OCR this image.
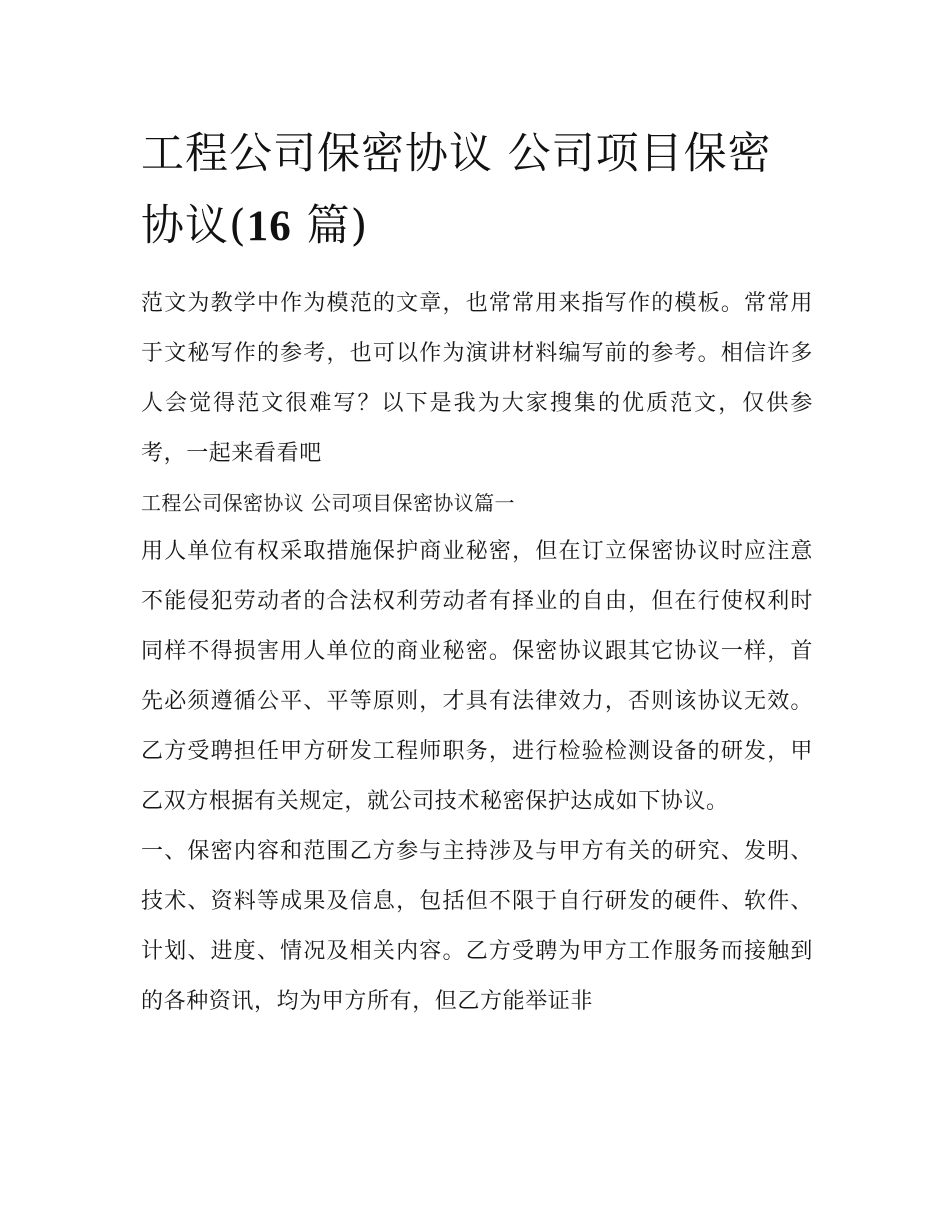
工程公司保密协议 公司项目保密协议(16 篇)

范文为教学中作为模范的文章，也常常用来指写作的模板。常常用于文秘写作的参考，也可以作为演讲材料编写前的参考。相信许多人会觉得范文很难写？以下是我为大家搜集的优质范文，仅供参考，一起来看看吧

工程公司保密协议 公司项目保密协议篇一

用人单位有权采取措施保护商业秘密，但在订立保密协议时应注意不能侵犯劳动者的合法权利劳动者有择业的自由，但在行使权利时同样不得损害用人单位的商业秘密。保密协议跟其它协议一样，首先必须遵循公平、平等原则，才具有法律效力，否则该协议无效。乙方受聘担任甲方研发工程师职务，进行检验检测设备的研发，甲乙双方根据有关规定，就公司技术秘密保护达成如下协议。

一、保密内容和范围乙方参与主持涉及与甲方有关的研究、发明、技术、资料等成果及信息，包括但不限于自行研发的硬件、软件、计划、进度、情况及相关内容。乙方受聘为甲方工作服务而接触到的各种资讯，均为甲方所有，但乙方能举证非
